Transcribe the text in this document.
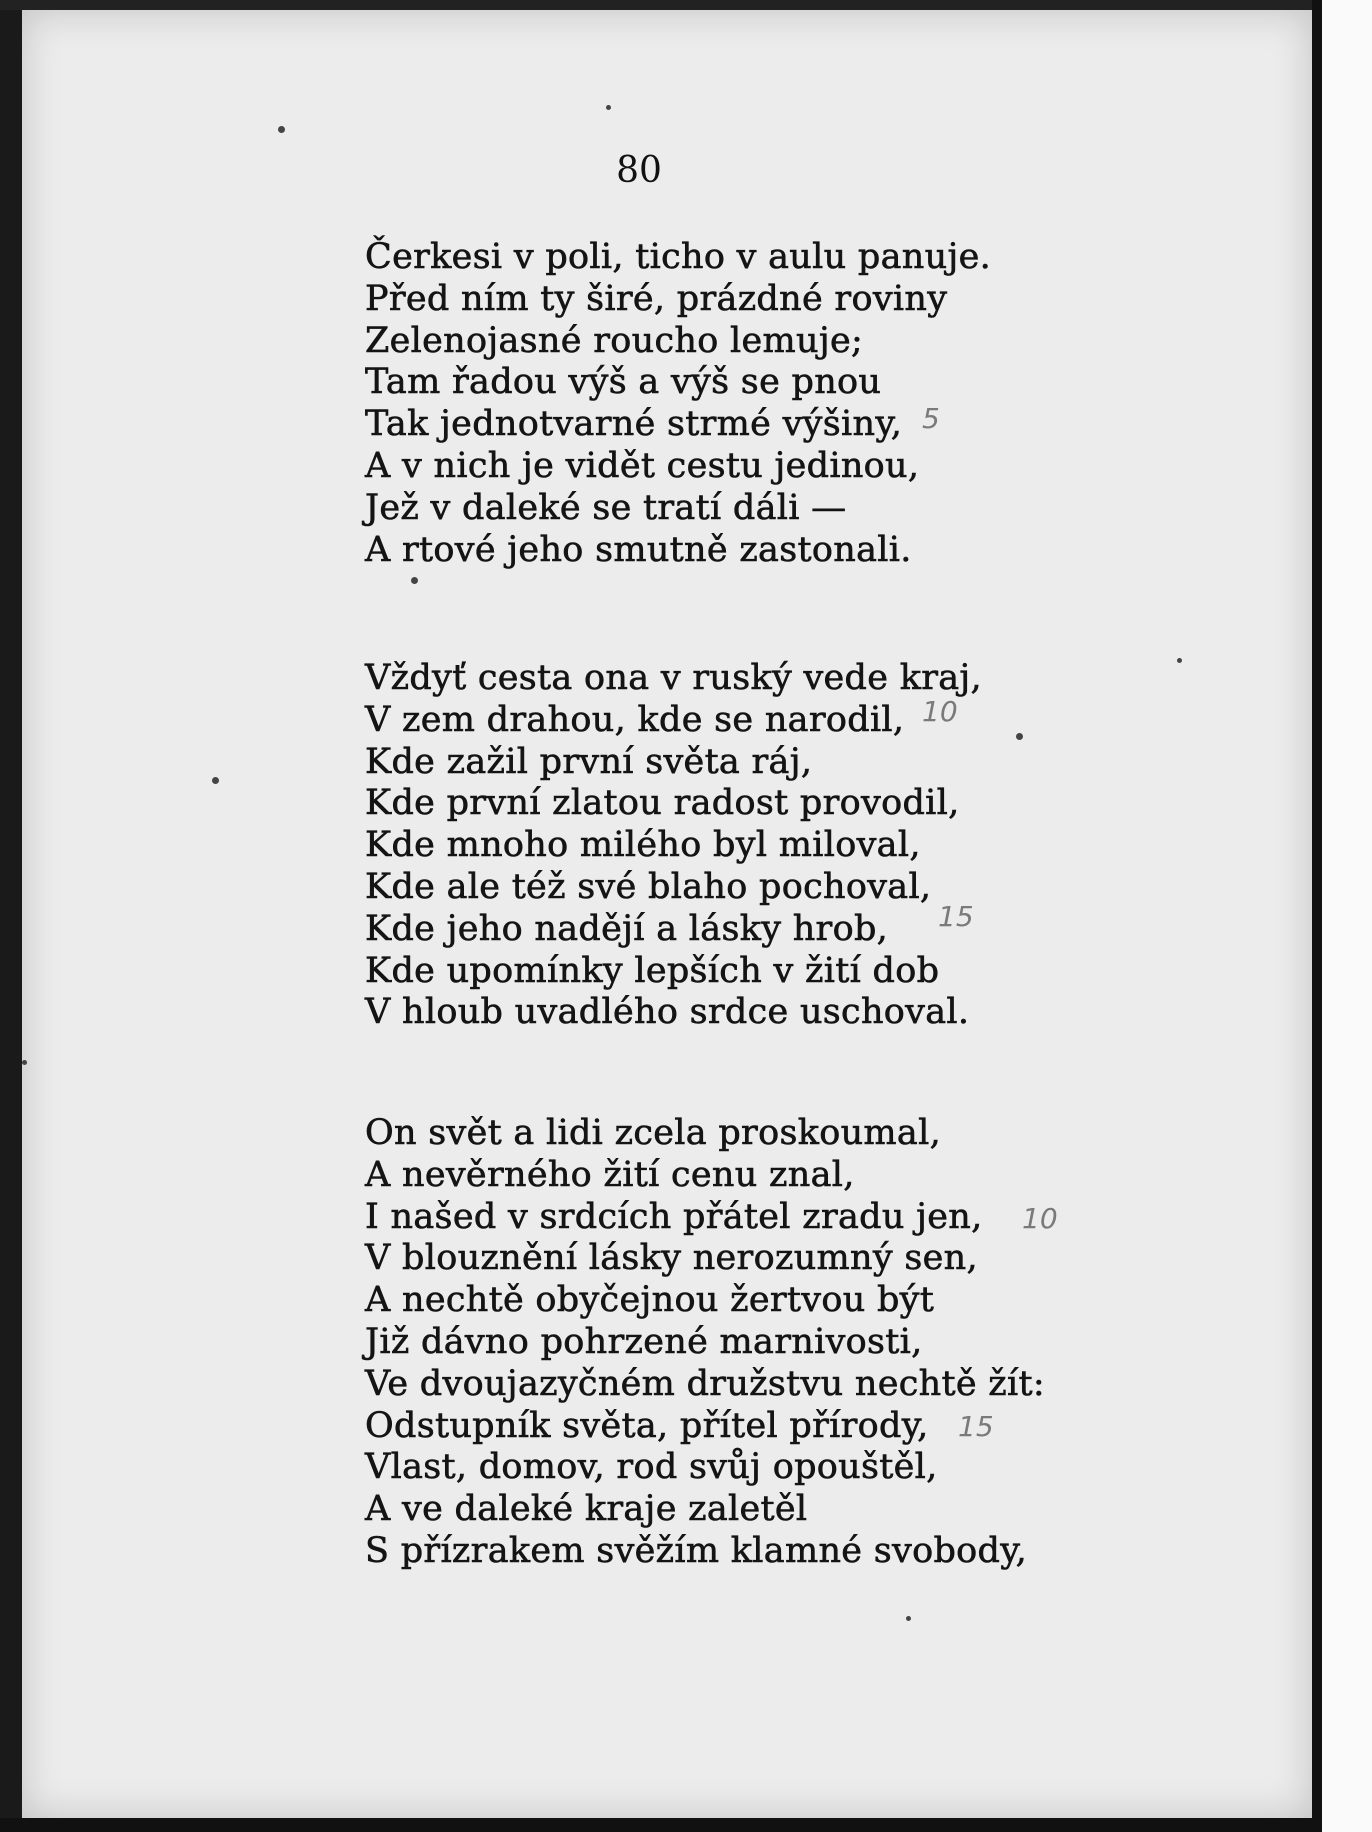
80
Čerkesi v poli, ticho v aulu panuje.
Před ním ty širé, prázdné roviny
Zelenojasné roucho lemuje;
Tam řadou výš a výš se pnou
Tak jednotvarné strmé výšiny,
A v nich je vidět cestu jedinou,
Jež v daleké se tratí dáli —
A rtové jeho smutně zastonali.
Vždyť cesta ona v ruský vede kraj,
V zem drahou, kde se narodil,
Kde zažil první světa ráj,
Kde první zlatou radost provodil,
Kde mnoho milého byl miloval,
Kde ale též své blaho pochoval,
Kde jeho nadějí a lásky hrob,
Kde upomínky lepších v žití dob
V hloub uvadlého srdce uschoval.
On svět a lidi zcela proskoumal,
A nevěrného žití cenu znal,
I našed v srdcích přátel zradu jen,
V blouznění lásky nerozumný sen,
A nechtě obyčejnou žertvou být
Již dávno pohrzené marnivosti,
Ve dvoujazyčném družstvu nechtě žít:
Odstupník světa, přítel přírody,
Vlast, domov, rod svůj opouštěl,
A ve daleké kraje zaletěl
S přízrakem svěžím klamné svobody,
5
10
15
10
15
